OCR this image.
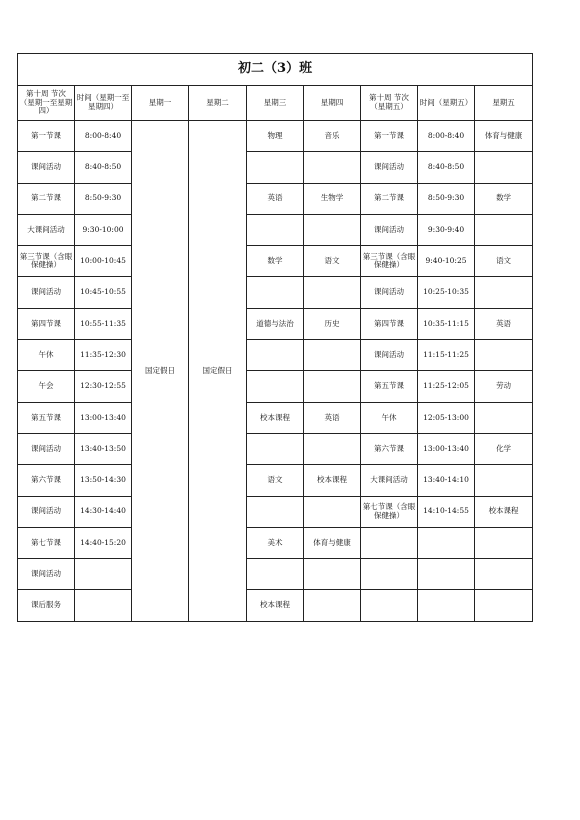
初二（3）班								
第十周 节次（星期一至星期四）	时间（星期一至星期四）	星期一	星期二	星期三	星期四	第十周 节次（星期五）	时间（星期五）	星期五
第一节课	8:00-8:40	国定假日	国定假日	物理	音乐	第一节课	8:00-8:40	体育与健康
课间活动	8:40-8:50					课间活动	8:40-8:50	
第二节课	8:50-9:30			英语	生物学	第二节课	8:50-9:30	数学
大课间活动	9:30-10:00					课间活动	9:30-9:40	
第三节课（含眼保健操）	10:00-10:45			数学	语文	第三节课（含眼保健操）	9:40-10:25	语文
课间活动	10:45-10:55					课间活动	10:25-10:35	
第四节课	10:55-11:35			道德与法治	历史	第四节课	10:35-11:15	英语
午休	11:35-12:30					课间活动	11:15-11:25	
午会	12:30-12:55					第五节课	11:25-12:05	劳动
第五节课	13:00-13:40			校本课程	英语	午休	12:05-13:00	
课间活动	13:40-13:50					第六节课	13:00-13:40	化学
第六节课	13:50-14:30			语文	校本课程	大课间活动	13:40-14:10	
课间活动	14:30-14:40					第七节课（含眼保健操）	14:10-14:55	校本课程
第七节课	14:40-15:20			美术	体育与健康			
课间活动								
课后服务				校本课程				
